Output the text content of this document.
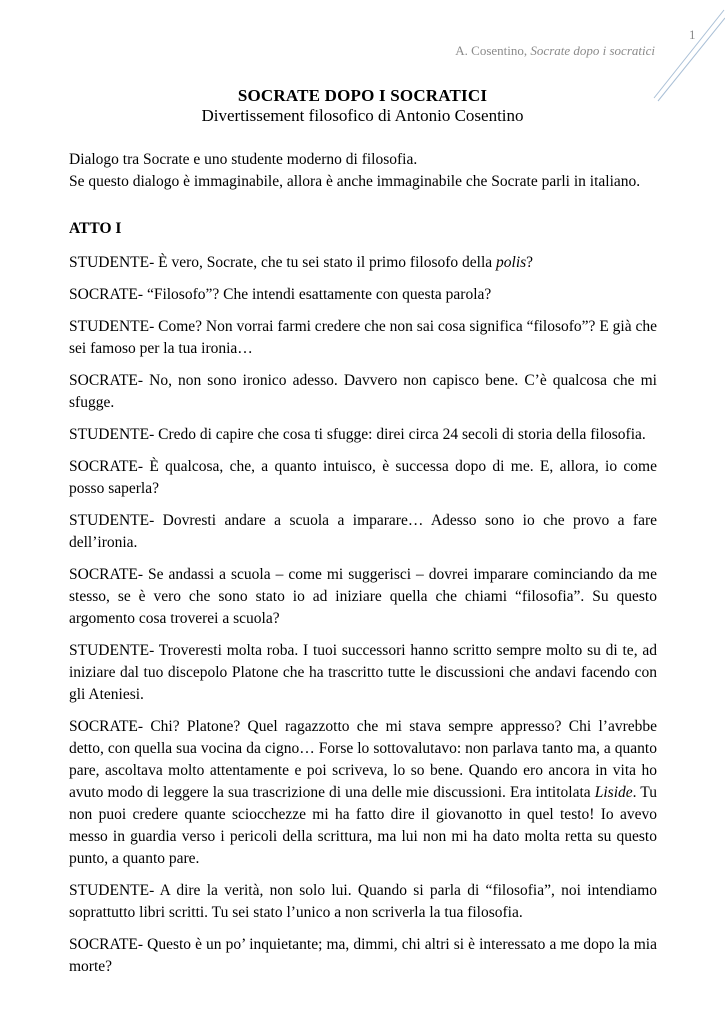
1
A. Cosentino, Socrate dopo i socratici
SOCRATE DOPO I SOCRATICI
Divertissement filosofico di Antonio Cosentino
Dialogo tra Socrate e uno studente moderno di filosofia.
Se questo dialogo è immaginabile, allora è anche immaginabile che Socrate parli in italiano.
ATTO I

STUDENTE- È vero, Socrate, che tu sei stato il primo filosofo della polis?

SOCRATE- “Filosofo”? Che intendi esattamente con questa parola?

STUDENTE- Come? Non vorrai farmi credere che non sai cosa significa “filosofo”? E già che sei famoso per la tua ironia…

SOCRATE- No, non sono ironico adesso. Davvero non capisco bene. C’è qualcosa che mi sfugge.

STUDENTE- Credo di capire che cosa ti sfugge: direi circa 24 secoli di storia della filosofia.

SOCRATE- È qualcosa, che, a quanto intuisco, è successa dopo di me. E, allora, io come posso saperla?

STUDENTE- Dovresti andare a scuola a imparare… Adesso sono io che provo a fare dell’ironia.

SOCRATE- Se andassi a scuola – come mi suggerisci – dovrei imparare cominciando da me stesso, se è vero che sono stato io ad iniziare quella che chiami “filosofia”. Su questo argomento cosa troverei a scuola?

STUDENTE- Troveresti molta roba. I tuoi successori hanno scritto sempre molto su di te, ad iniziare dal tuo discepolo Platone che ha trascritto tutte le discussioni che andavi facendo con gli Ateniesi.

SOCRATE- Chi? Platone? Quel ragazzotto che mi stava sempre appresso? Chi l’avrebbe detto, con quella sua vocina da cigno… Forse lo sottovalutavo: non parlava tanto ma, a quanto pare, ascoltava molto attentamente e poi scriveva, lo so bene. Quando ero ancora in vita ho avuto modo di leggere la sua trascrizione di una delle mie discussioni. Era intitolata Liside. Tu non puoi credere quante sciocchezze mi ha fatto dire il giovanotto in quel testo! Io avevo messo in guardia verso i pericoli della scrittura, ma lui non mi ha dato molta retta su questo punto, a quanto pare.

STUDENTE- A dire la verità, non solo lui. Quando si parla di “filosofia”, noi intendiamo soprattutto libri scritti. Tu sei stato l’unico a non scriverla la tua filosofia.

SOCRATE- Questo è un po’ inquietante; ma, dimmi, chi altri si è interessato a me dopo la mia morte?
